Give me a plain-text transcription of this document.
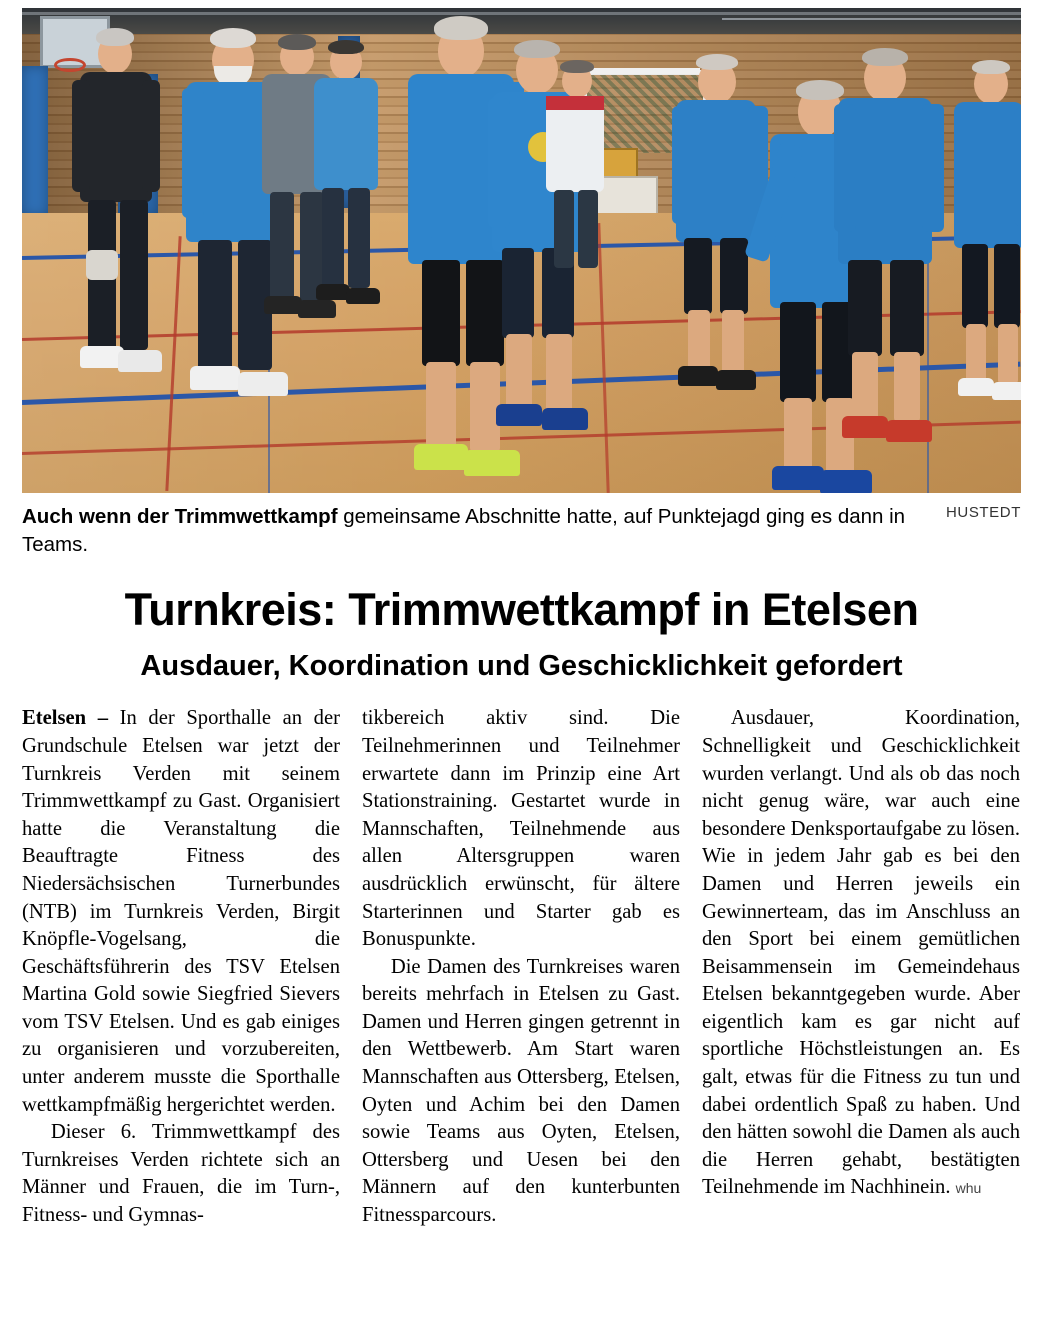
HUSTEDT
Auch wenn der Trimmwettkampf gemeinsame Abschnitte hatte, auf Punktejagd ging es dann in Teams.
Turnkreis: Trimmwettkampf in Etelsen
Ausdauer, Koordination und Geschicklichkeit gefordert

Etelsen – In der Sporthalle an der Grundschule Etelsen war jetzt der Turnkreis Verden mit seinem Trimmwettkampf zu Gast. Organisiert hatte die Veranstaltung die Beauftragte Fitness des Niedersächsischen Turnerbundes (NTB) im Turnkreis Verden, Birgit Knöpfle-Vogelsang, die Geschäftsführerin des TSV Etelsen Martina Gold sowie Siegfried Sievers vom TSV Etelsen. Und es gab einiges zu organisieren und vorzubereiten, unter anderem musste die Sporthalle wettkampfmäßig hergerichtet werden.

Dieser 6. Trimmwettkampf des Turnkreises Verden richtete sich an Männer und Frauen, die im Turn-, Fitness- und Gymnas-

tikbereich aktiv sind. Die Teilnehmerinnen und Teilnehmer erwartete dann im Prinzip eine Art Stationstraining. Gestartet wurde in Mannschaften, Teilnehmende aus allen Altersgruppen waren ausdrücklich erwünscht, für ältere Starterinnen und Starter gab es Bonuspunkte.

Die Damen des Turnkreises waren bereits mehrfach in Etelsen zu Gast. Damen und Herren gingen getrennt in den Wettbewerb. Am Start waren Mannschaften aus Ottersberg, Etelsen, Oyten und Achim bei den Damen sowie Teams aus Oyten, Etelsen, Ottersberg und Uesen bei den Männern auf den kunterbunten Fitnessparcours.

Ausdauer, Koordination, Schnelligkeit und Geschicklichkeit wurden verlangt. Und als ob das noch nicht genug wäre, war auch eine besondere Denksportaufgabe zu lösen. Wie in jedem Jahr gab es bei den Damen und Herren jeweils ein Gewinnerteam, das im Anschluss an den Sport bei einem gemütlichen Beisammensein im Gemeindehaus Etelsen bekanntgegeben wurde. Aber eigentlich kam es gar nicht auf sportliche Höchstleistungen an. Es galt, etwas für die Fitness zu tun und dabei ordentlich Spaß zu haben. Und den hätten sowohl die Damen als auch die Herren gehabt, bestätigten Teilnehmende im Nachhinein. whu
